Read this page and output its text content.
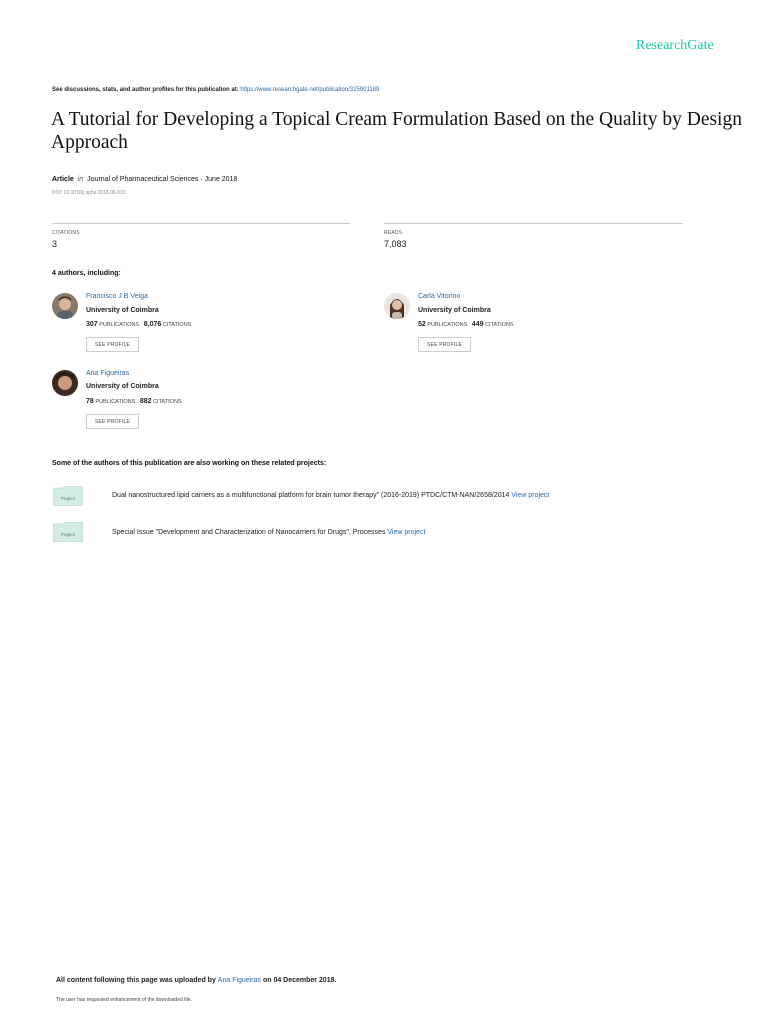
ResearchGate
See discussions, stats, and author profiles for this publication at: https://www.researchgate.net/publication/325901189
A Tutorial for Developing a Topical Cream Formulation Based on the Quality by Design Approach
Article in Journal of Pharmaceutical Sciences · June 2018
DOI: 10.1016/j.xphs.2018.06.010
CITATIONS
3
READS
7,083
4 authors, including:
Francisco J B Veiga
University of Coimbra
307 PUBLICATIONS 8,076 CITATIONS
SEE PROFILE
Carla Vitorino
University of Coimbra
52 PUBLICATIONS 449 CITATIONS
SEE PROFILE
Ana Figueiras
University of Coimbra
78 PUBLICATIONS 882 CITATIONS
SEE PROFILE
Some of the authors of this publication are also working on these related projects:
Project	Dual nanostructured lipid carriers as a multifunctional platform for brain tumor therapy" (2016-2019) PTDC/CTM-NAN/2658/2014 View project
Project	Special Issue "Development and Characterization of Nanocarriers for Drugs", Processes View project
All content following this page was uploaded by Ana Figueiras on 04 December 2018.
The user has requested enhancement of the downloaded file.
